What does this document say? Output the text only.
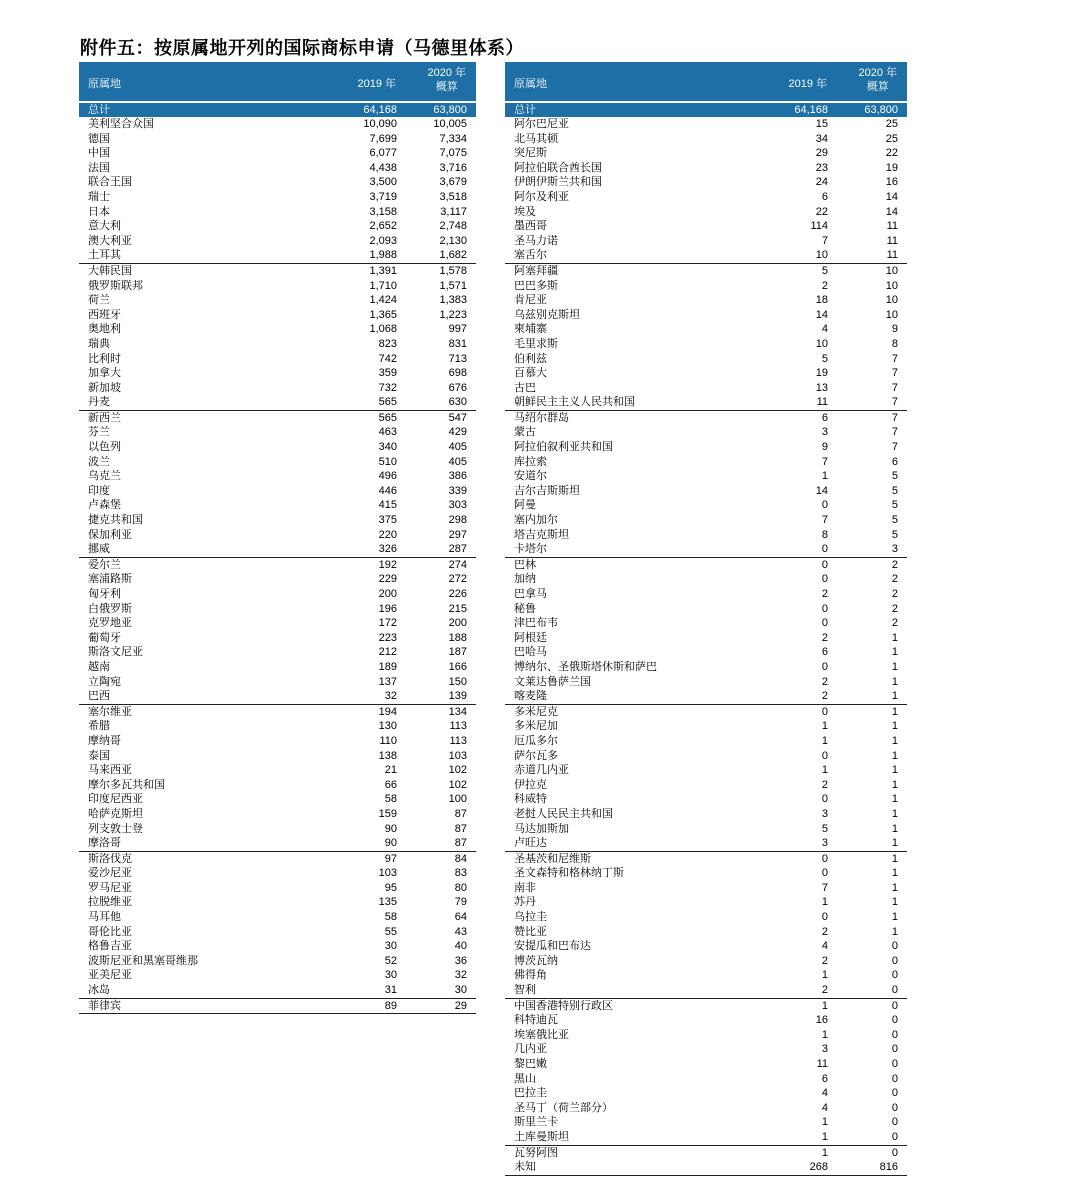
附件五：按原属地开列的国际商标申请（马德里体系）
原属地	2019 年
2020 年
概算
总计	64,168	63,800
美利坚合众国	10,090	10,005
德国	7,699	7,334
中国	6,077	7,075
法国	4,438	3,716
联合王国	3,500	3,679
瑞士	3,719	3,518
日本	3,158	3,117
意大利	2,652	2,748
澳大利亚	2,093	2,130
土耳其	1,988	1,682
大韩民国	1,391	1,578
俄罗斯联邦	1,710	1,571
荷兰	1,424	1,383
西班牙	1,365	1,223
奥地利	1,068	997
瑞典	823	831
比利时	742	713
加拿大	359	698
新加坡	732	676
丹麦	565	630
新西兰	565	547
芬兰	463	429
以色列	340	405
波兰	510	405
乌克兰	496	386
印度	446	339
卢森堡	415	303
捷克共和国	375	298
保加利亚	220	297
挪威	326	287
爱尔兰	192	274
塞浦路斯	229	272
匈牙利	200	226
白俄罗斯	196	215
克罗地亚	172	200
葡萄牙	223	188
斯洛文尼亚	212	187
越南	189	166
立陶宛	137	150
巴西	32	139
塞尔维亚	194	134
希腊	130	113
摩纳哥	110	113
泰国	138	103
马来西亚	21	102
摩尔多瓦共和国	66	102
印度尼西亚	58	100
哈萨克斯坦	159	87
列支敦士登	90	87
摩洛哥	90	87
斯洛伐克	97	84
爱沙尼亚	103	83
罗马尼亚	95	80
拉脱维亚	135	79
马耳他	58	64
哥伦比亚	55	43
格鲁吉亚	30	40
波斯尼亚和黑塞哥维那	52	36
亚美尼亚	30	32
冰岛	31	30
菲律宾	89	29
原属地	2019 年
2020 年
概算
总计	64,168	63,800
阿尔巴尼亚	15	25
北马其顿	34	25
突尼斯	29	22
阿拉伯联合酋长国	23	19
伊朗伊斯兰共和国	24	16
阿尔及利亚	6	14
埃及	22	14
墨西哥	114	11
圣马力诺	7	11
塞舌尔	10	11
阿塞拜疆	5	10
巴巴多斯	2	10
肯尼亚	18	10
乌兹别克斯坦	14	10
柬埔寨	4	9
毛里求斯	10	8
伯利兹	5	7
百慕大	19	7
古巴	13	7
朝鲜民主主义人民共和国	11	7
马绍尔群岛	6	7
蒙古	3	7
阿拉伯叙利亚共和国	9	7
库拉索	7	6
安道尔	1	5
吉尔吉斯斯坦	14	5
阿曼	0	5
塞内加尔	7	5
塔吉克斯坦	8	5
卡塔尔	0	3
巴林	0	2
加纳	0	2
巴拿马	2	2
秘鲁	0	2
津巴布韦	0	2
阿根廷	2	1
巴哈马	6	1
博纳尔、圣俄斯塔休斯和萨巴	0	1
文莱达鲁萨兰国	2	1
喀麦隆	2	1
多米尼克	0	1
多米尼加	1	1
厄瓜多尔	1	1
萨尔瓦多	0	1
赤道几内亚	1	1
伊拉克	2	1
科威特	0	1
老挝人民民主共和国	3	1
马达加斯加	5	1
卢旺达	3	1
圣基茨和尼维斯	0	1
圣文森特和格林纳丁斯	0	1
南非	7	1
苏丹	1	1
乌拉圭	0	1
赞比亚	2	1
安提瓜和巴布达	4	0
博茨瓦纳	2	0
佛得角	1	0
智利	2	0
中国香港特别行政区	1	0
科特迪瓦	16	0
埃塞俄比亚	1	0
几内亚	3	0
黎巴嫩	11	0
黑山	6	0
巴拉圭	4	0
圣马丁（荷兰部分）	4	0
斯里兰卡	1	0
土库曼斯坦	1	0
瓦努阿图	1	0
未知	268	816
